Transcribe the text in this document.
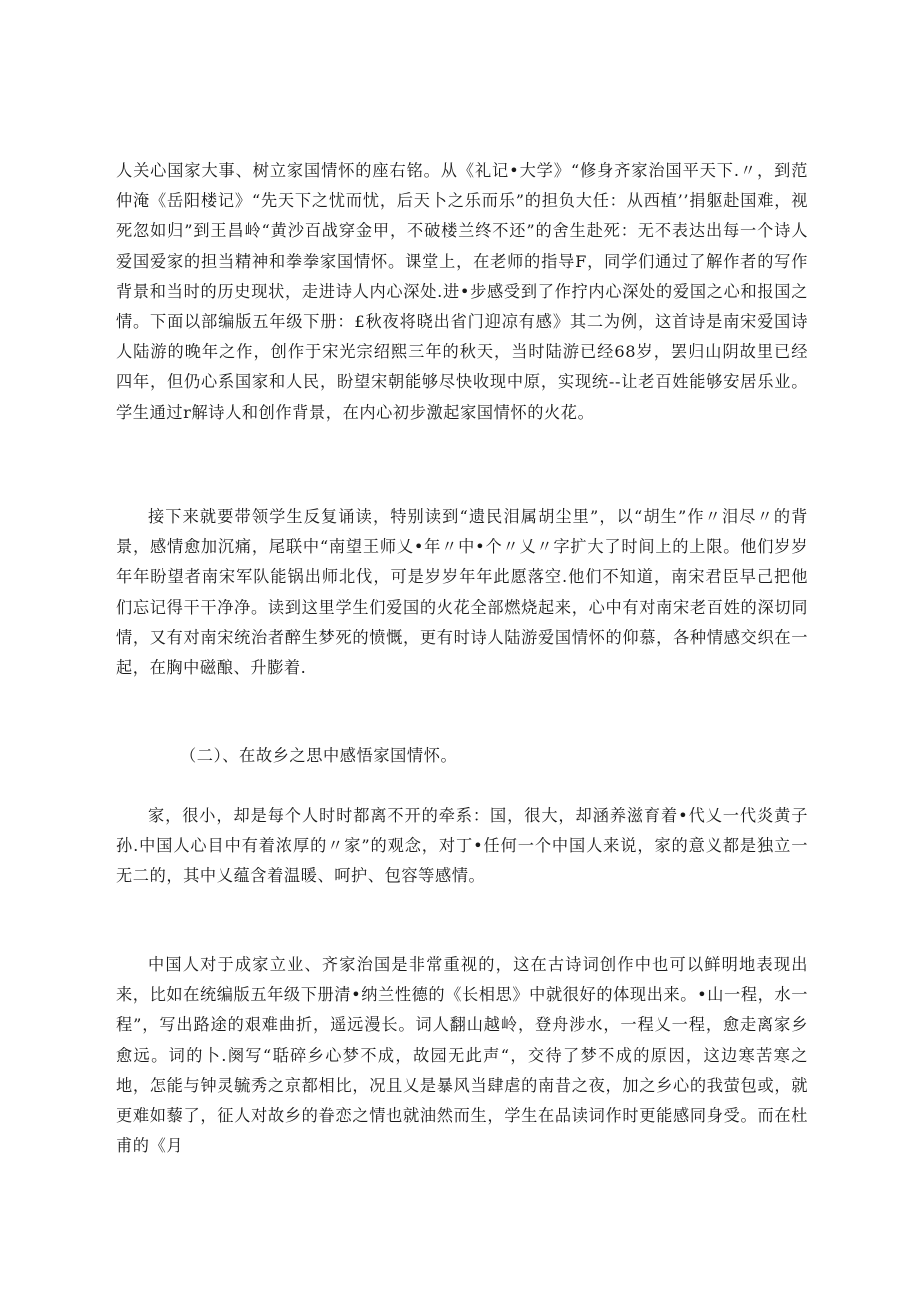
人关心国家大事、树立家国情怀的座右铭。从《礼记•大学》“修身齐家治国平天下.〃，到范仲淹《岳阳楼记》“先天下之忧而忧，后天卜之乐而乐”的担负大任：从西植’’捐躯赴国难，视死忽如归”到王昌岭“黄沙百战穿金甲，不破楼兰终不还”的舍生赴死：无不表达出每一个诗人爱国爱家的担当精神和拳拳家国情怀。课堂上，在老师的指导F，同学们通过了解作者的写作背景和当时的历史现状，走进诗人内心深处.进•步感受到了作拧内心深处的爱国之心和报国之情。下面以部编版五年级下册：£秋夜将晓出省门迎凉有感》其二为例，这首诗是南宋爱国诗人陆游的晚年之作，创作于宋光宗绍熙三年的秋天，当时陆游已经68岁，罢归山阴故里已经四年，但仍心系国家和人民，盼望宋朝能够尽快收现中原，实现统--让老百姓能够安居乐业。学生通过r解诗人和创作背景，在内心初步激起家国情怀的火花。

接下来就要带领学生反复诵读，特别读到“遗民泪属胡尘里”，以“胡生”作〃泪尽〃的背景，感情愈加沉痛，尾联中“南望王师乂•年〃中•个〃乂〃字扩大了时间上的上限。他们岁岁年年盼望者南宋军队能锅出师北伐，可是岁岁年年此愿落空.他们不知道，南宋君臣早己把他们忘记得干干净净。读到这里学生们爱国的火花全部燃烧起来，心中有对南宋老百姓的深切同情，又有对南宋统治者醉生梦死的愤慨，更有时诗人陆游爱国情怀的仰慕，各种情感交织在一起，在胸中磁酿、升膨着.

（二）、在故乡之思中感悟家国情怀。

家，很小，却是每个人时时都离不开的牵系：国，很大，却涵养滋育着•代乂一代炎黄子孙.中国人心目中有着浓厚的〃家”的观念，对丁•任何一个中国人来说，家的意义都是独立一无二的，其中乂蕴含着温暖、呵护、包容等感情。

中国人对于成家立业、齐家治国是非常重视的，这在古诗词创作中也可以鲜明地表现出来，比如在统编版五年级下册清•纳兰性德的《长相思》中就很好的体现出来。•山一程，水一程”，写出路途的艰难曲折，遥远漫长。词人翻山越岭，登舟涉水，一程乂一程，愈走离家乡愈远。词的卜.阕写“聒碎乡心梦不成，故园无此声“，交待了梦不成的原因，这边寒苦寒之地，怎能与钟灵毓秀之京都相比，况且乂是暴风当肆虐的南昔之夜，加之乡心的我萤包或，就更难如藜了，征人对故乡的眷恋之情也就油然而生，学生在品读词作时更能感同身受。而在杜甫的《月
